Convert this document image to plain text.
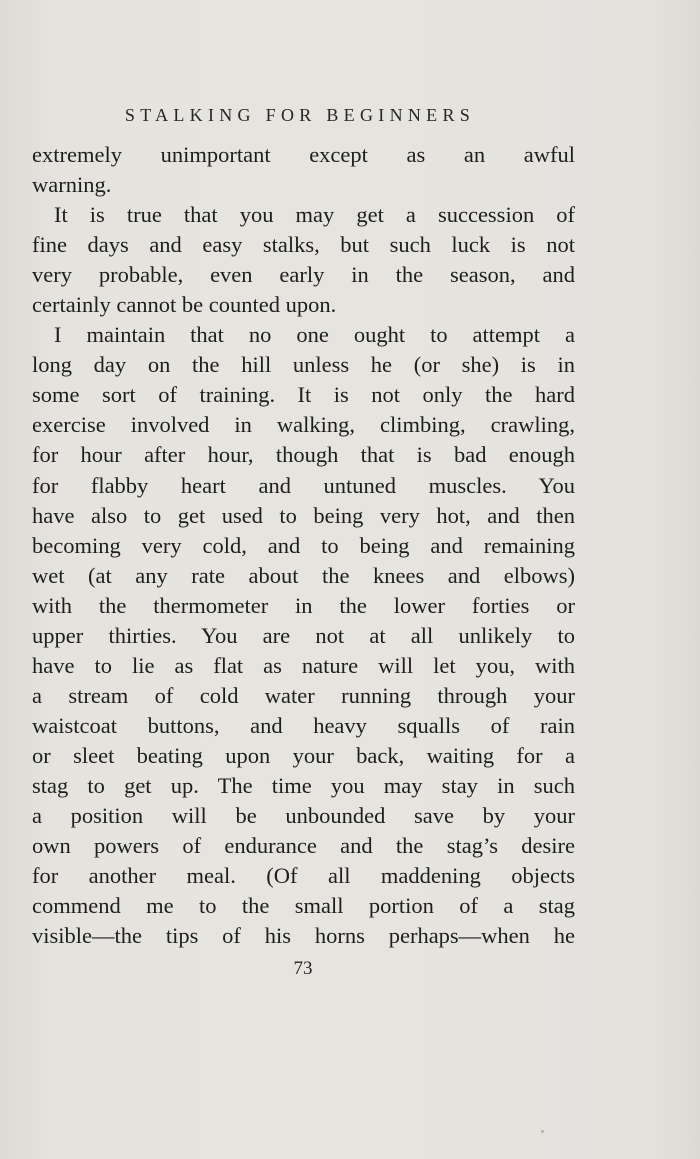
STALKING FOR BEGINNERS
extremely unimportant except as an awful
warning.
It is true that you may get a succession of
fine days and easy stalks, but such luck is not
very probable, even early in the season, and
certainly cannot be counted upon.
I maintain that no one ought to attempt a
long day on the hill unless he (or she) is in
some sort of training. It is not only the hard
exercise involved in walking, climbing, crawling,
for hour after hour, though that is bad enough
for flabby heart and untuned muscles. You
have also to get used to being very hot, and then
becoming very cold, and to being and remaining
wet (at any rate about the knees and elbows)
with the thermometer in the lower forties or
upper thirties. You are not at all unlikely to
have to lie as flat as nature will let you, with
a stream of cold water running through your
waistcoat buttons, and heavy squalls of rain
or sleet beating upon your back, waiting for a
stag to get up. The time you may stay in such
a position will be unbounded save by your
own powers of endurance and the stag’s desire
for another meal. (Of all maddening objects
commend me to the small portion of a stag
visible—the tips of his horns perhaps—when he
73
